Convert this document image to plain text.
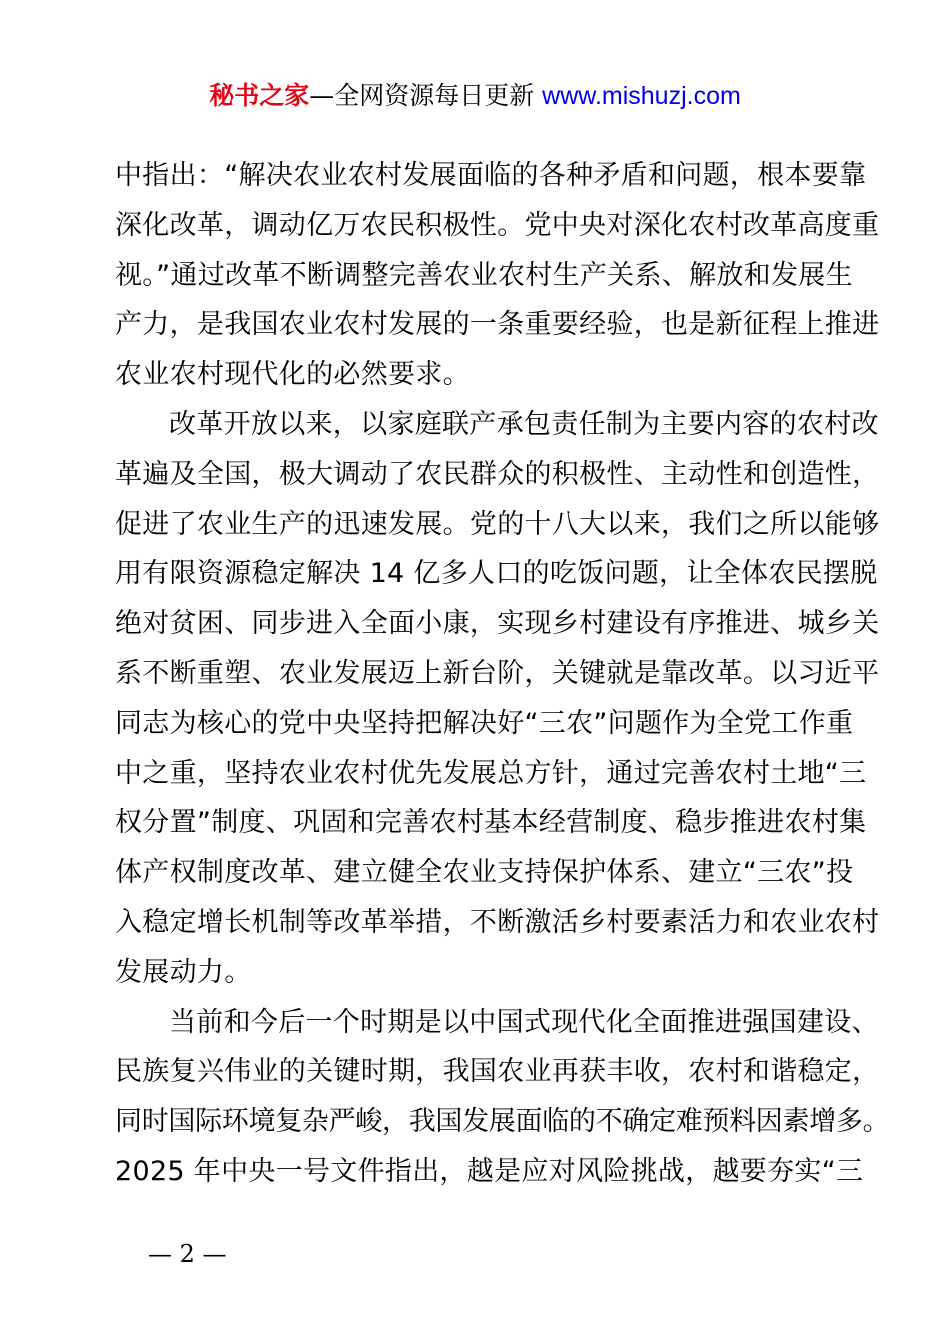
秘书之家—全网资源每日更新 www.mishuzj.com
中指出：“解决农业农村发展面临的各种矛盾和问题，根本要靠
深化改革，调动亿万农民积极性。党中央对深化农村改革高度重
视。”通过改革不断调整完善农业农村生产关系、解放和发展生
产力，是我国农业农村发展的一条重要经验，也是新征程上推进
农业农村现代化的必然要求。
改革开放以来，以家庭联产承包责任制为主要内容的农村改
革遍及全国，极大调动了农民群众的积极性、主动性和创造性，
促进了农业生产的迅速发展。党的十八大以来，我们之所以能够
用有限资源稳定解决 14 亿多人口的吃饭问题，让全体农民摆脱
绝对贫困、同步进入全面小康，实现乡村建设有序推进、城乡关
系不断重塑、农业发展迈上新台阶，关键就是靠改革。以习近平
同志为核心的党中央坚持把解决好“三农”问题作为全党工作重
中之重，坚持农业农村优先发展总方针，通过完善农村土地“三
权分置”制度、巩固和完善农村基本经营制度、稳步推进农村集
体产权制度改革、建立健全农业支持保护体系、建立“三农”投
入稳定增长机制等改革举措，不断激活乡村要素活力和农业农村
发展动力。
当前和今后一个时期是以中国式现代化全面推进强国建设、
民族复兴伟业的关键时期，我国农业再获丰收，农村和谐稳定，
同时国际环境复杂严峻，我国发展面临的不确定难预料因素增多。
2025 年中央一号文件指出，越是应对风险挑战，越要夯实“三
— 2 —
